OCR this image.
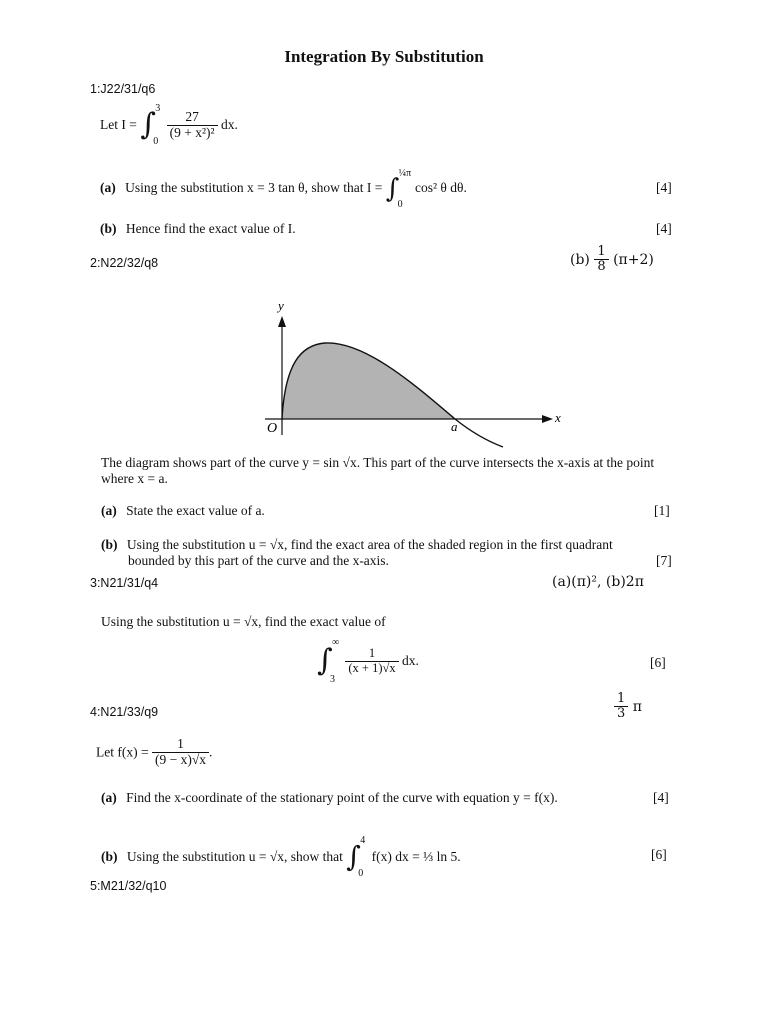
Integration By Substitution
1:J22/31/q6
Let I = ∫ 3
0

$\frac{27}{\text{(9 + x²)²}}$ dx.
(a) Using the substitution x = 3 tan θ, show that I = ∫
¼π
0
cos² θ dθ.	[4]
(b) Hence find the exact value of I.	[4]
2:N22/32/q8	$(b) \frac{1}{8} (\pi+2)$
y
x
O	a
The diagram shows part of the curve y = sin √x. This part of the curve intersects the x-axis at the point
where x = a.
(a) State the exact value of a.	[1]
(b) Using the substitution u = √x, find the exact area of the shaded region in the first quadrant
bounded by this part of the curve and the x-axis.	[7]
3:N21/31/q4	(a)(π)², (b)2π
Using the substitution u = √x, find the exact value of
∫
∞
3

$\frac{1}{(x + 1)√x}$ dx.	[6]
4:N21/33/q9	$\frac{1}{3}$ π
Let $f(x) = \frac{1}{(9 - x)√x}$ .
(a) Find the x-coordinate of the stationary point of the curve with equation y = f(x).	[4]
(b) Using the substitution u = √x, show that ∫ 4
0
f(x) dx = ⅓ ln 5.	[6]
5:M21/32/q10
